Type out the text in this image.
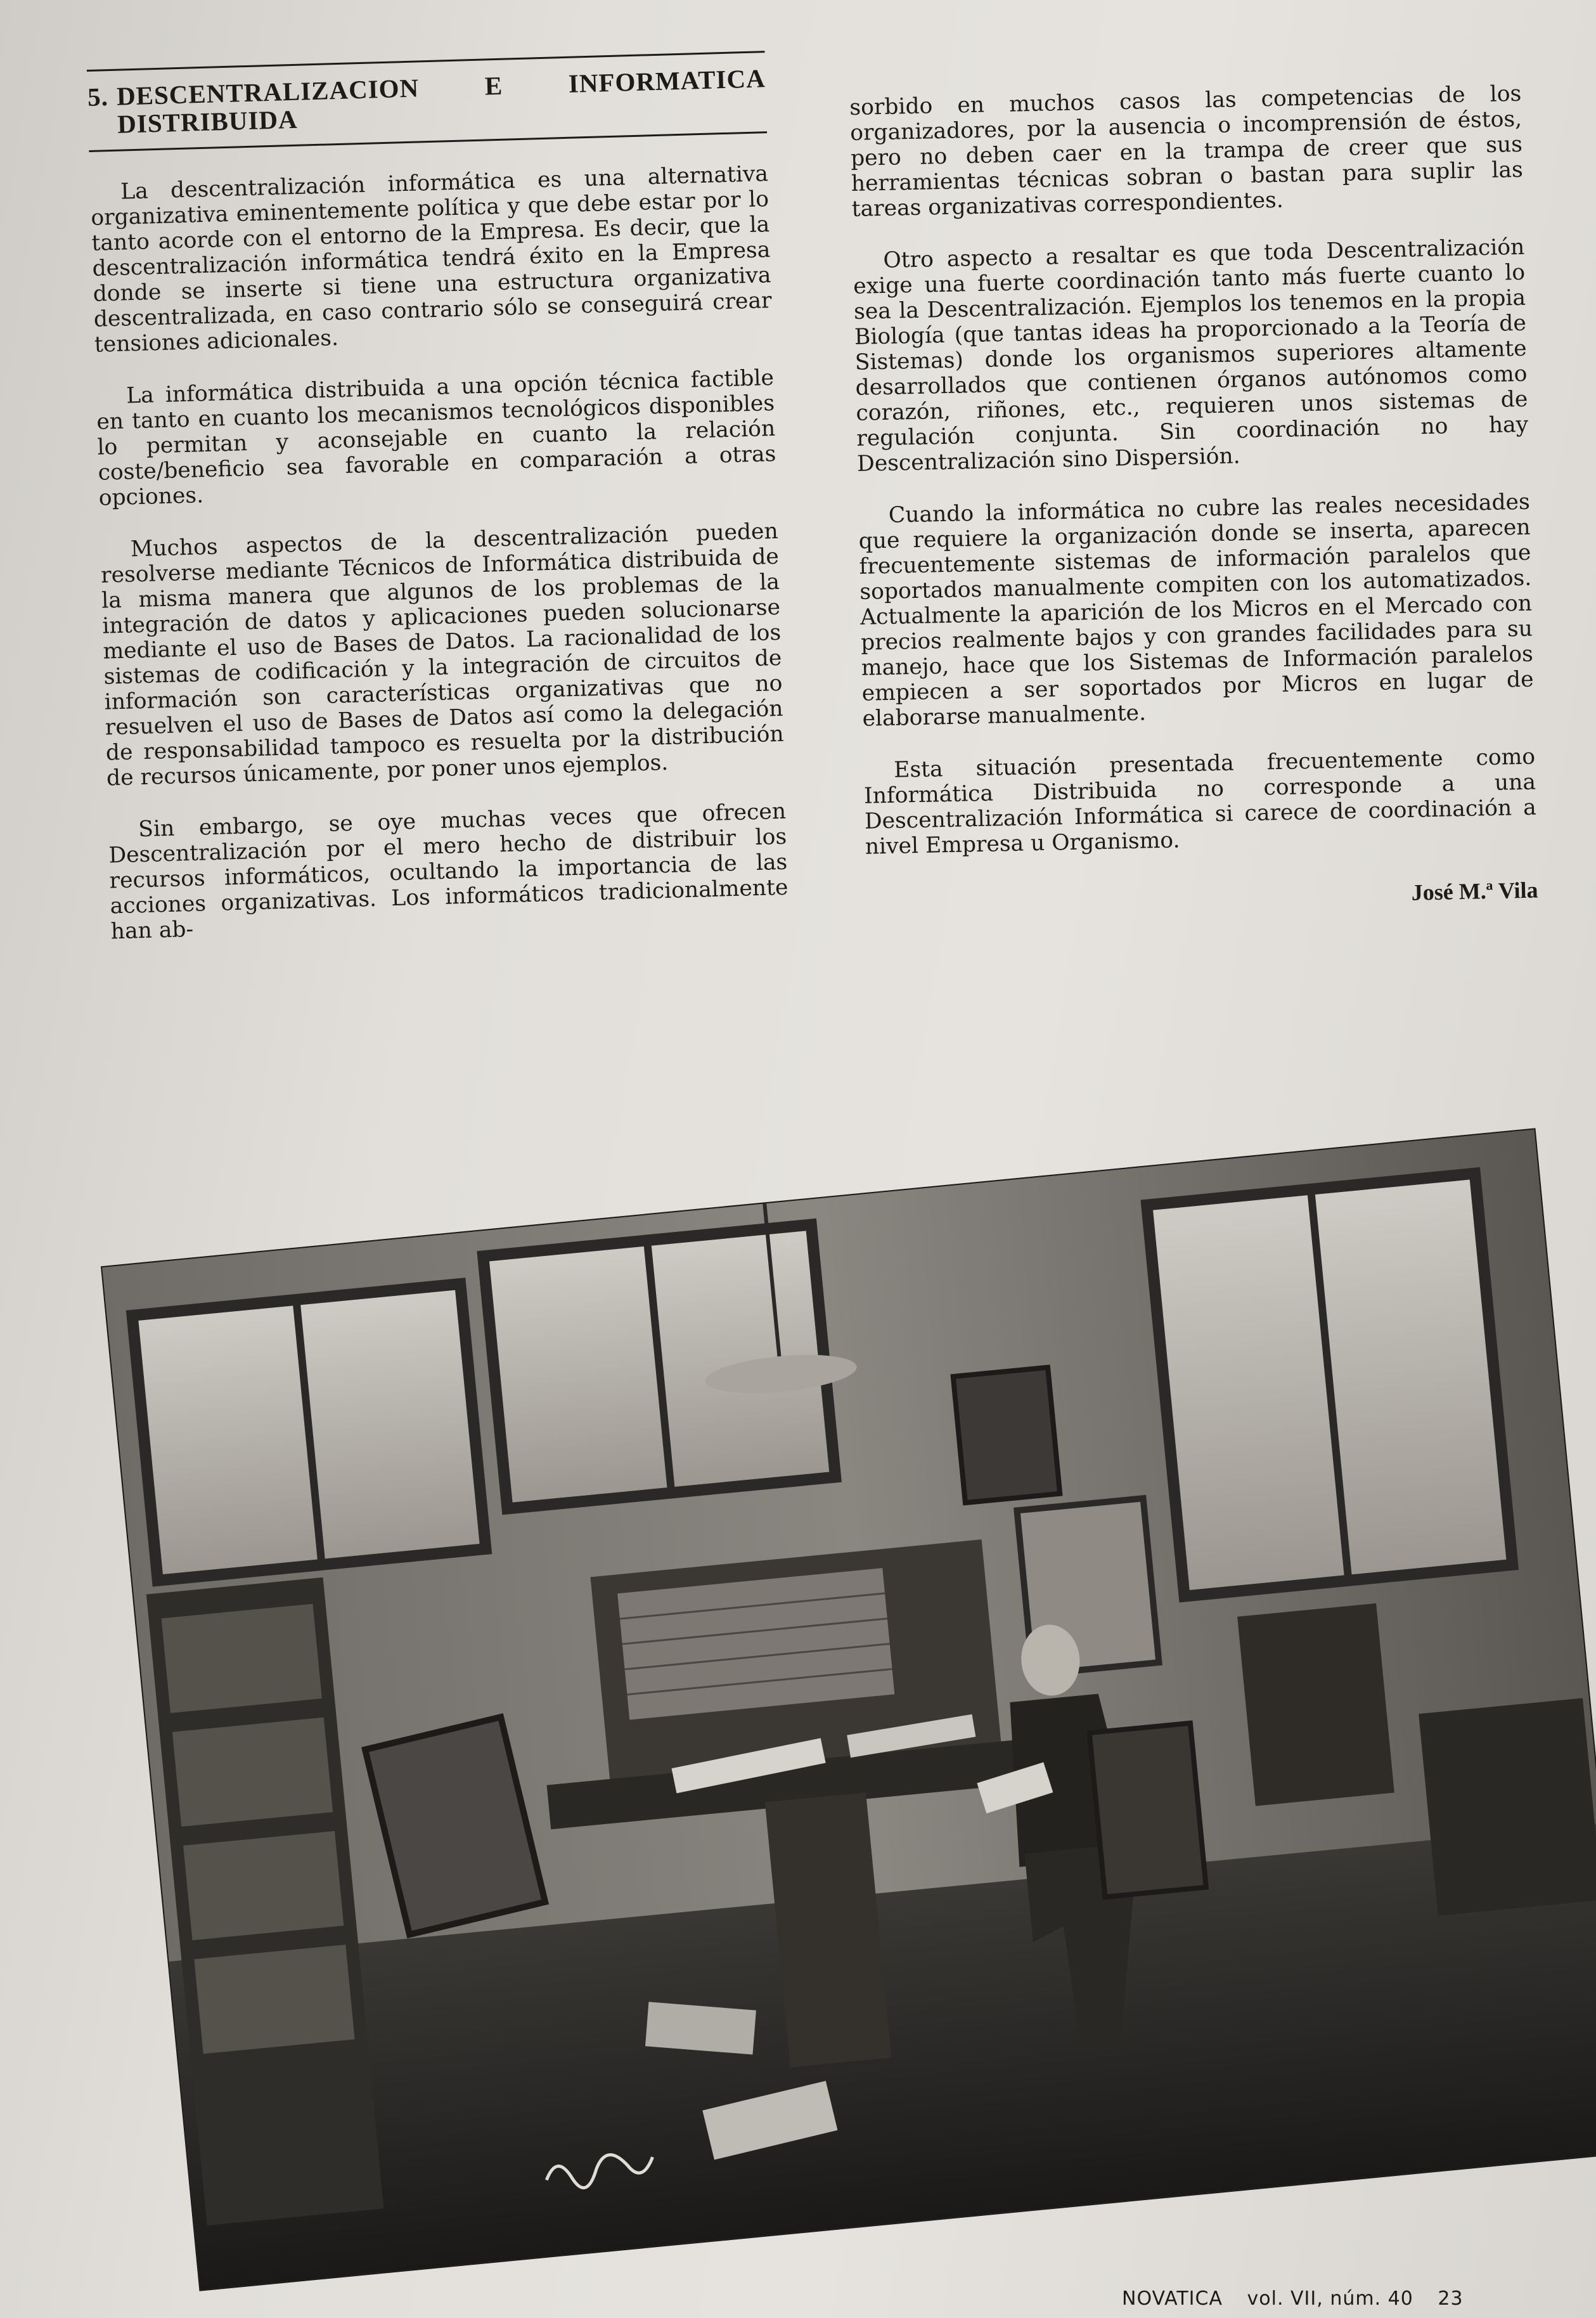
5. DESCENTRALIZACION E INFORMATICA DISTRIBUIDA

La descentralización informática es una alternativa organizativa eminentemente política y que debe estar por lo tanto acorde con el entorno de la Empresa. Es decir, que la descentralización informática tendrá éxito en la Empresa donde se inserte si tiene una estructura organizativa descentralizada, en caso contrario sólo se conseguirá crear tensiones adicionales.

La informática distribuida a una opción técnica factible en tanto en cuanto los mecanismos tecnológicos disponibles lo permitan y aconsejable en cuanto la relación coste/beneficio sea favorable en comparación a otras opciones.

Muchos aspectos de la descentralización pueden resolverse mediante Técnicos de Informática distribuida de la misma manera que algunos de los problemas de la integración de datos y aplicaciones pueden solucionarse mediante el uso de Bases de Datos. La racionalidad de los sistemas de codificación y la integración de circuitos de información son características organizativas que no resuelven el uso de Bases de Datos así como la delegación de responsabilidad tampoco es resuelta por la distribución de recursos únicamente, por poner unos ejemplos.

Sin embargo, se oye muchas veces que ofrecen Descentralización por el mero hecho de distribuir los recursos informáticos, ocultando la importancia de las acciones organizativas. Los informáticos tradicionalmente han ab-

sorbido en muchos casos las competencias de los organizadores, por la ausencia o incomprensión de éstos, pero no deben caer en la trampa de creer que sus herramientas técnicas sobran o bastan para suplir las tareas organizativas correspondientes.

Otro aspecto a resaltar es que toda Descentralización exige una fuerte coordinación tanto más fuerte cuanto lo sea la Descentralización. Ejemplos los tenemos en la propia Biología (que tantas ideas ha proporcionado a la Teoría de Sistemas) donde los organismos superiores altamente desarrollados que contienen órganos autónomos como corazón, riñones, etc., requieren unos sistemas de regulación conjunta. Sin coordinación no hay Descentralización sino Dispersión.

Cuando la informática no cubre las reales necesidades que requiere la organización donde se inserta, aparecen frecuentemente sistemas de información paralelos que soportados manualmente compiten con los automatizados. Actualmente la aparición de los Micros en el Mercado con precios realmente bajos y con grandes facilidades para su manejo, hace que los Sistemas de Información paralelos empiecen a ser soportados por Micros en lugar de elaborarse manualmente.

Esta situación presentada frecuentemente como Informática Distribuida no corresponde a una Descentralización Informática si carece de coordinación a nivel Empresa u Organismo.

José M.ª Vila
NOVATICA vol. VII, núm. 40 23
